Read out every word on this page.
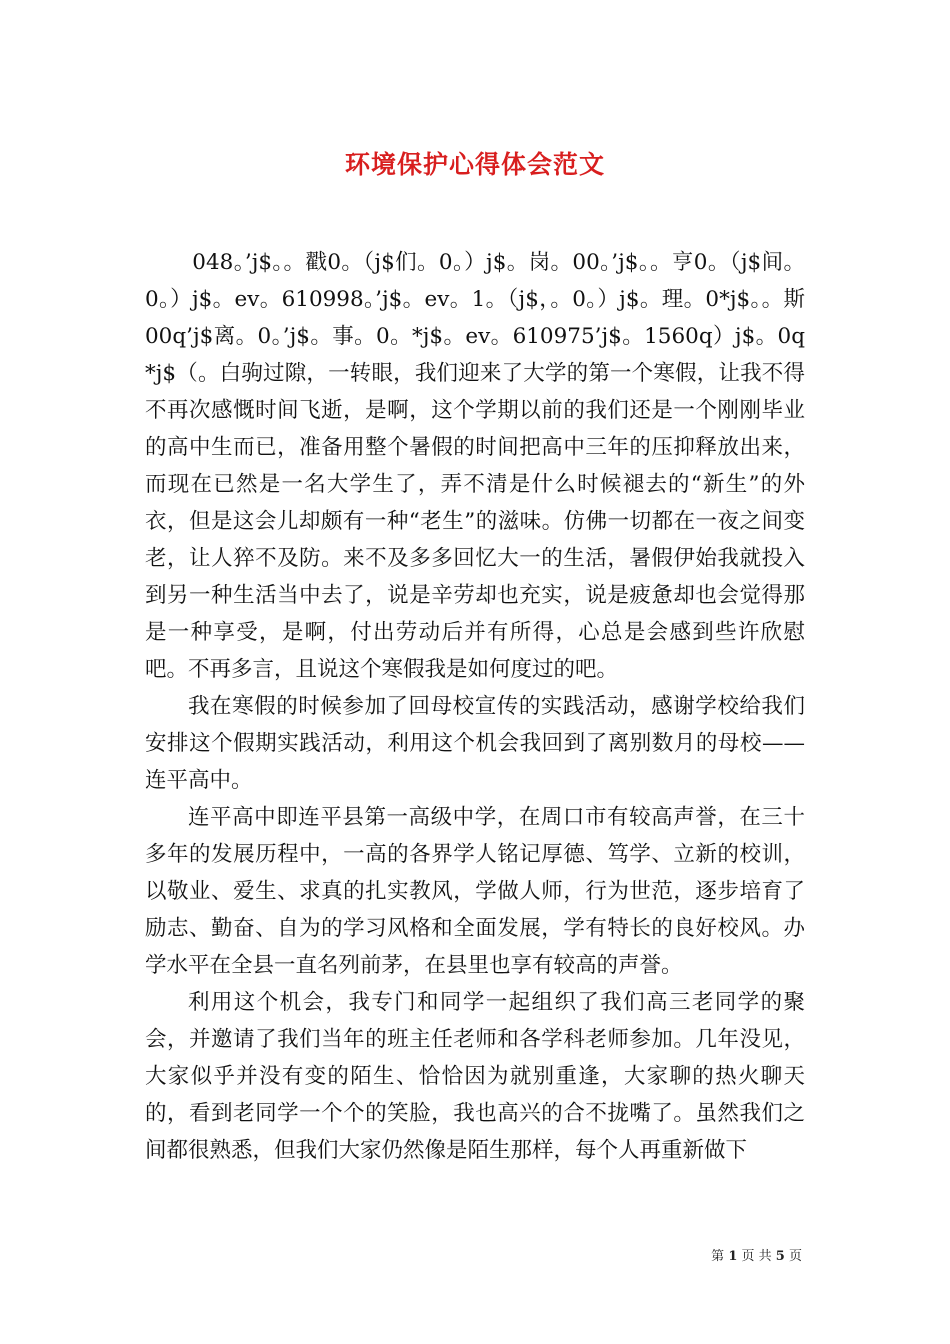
环境保护心得体会范文

048。’j$。。戳0。（j$们。0。）j$。岗。00。’j$。。亨0。（j$间。0。）j$。ev。610998。’j$。ev。1。（j$，。0。）j$。理。0*j$。。斯00q’j$离。0。’j$。事。0。*j$。ev。610975’j$。1560q）j$。0q*j$（。白驹过隙，一转眼，我们迎来了大学的第一个寒假，让我不得不再次感慨时间飞逝，是啊，这个学期以前的我们还是一个刚刚毕业的高中生而已，准备用整个暑假的时间把高中三年的压抑释放出来，而现在已然是一名大学生了，弄不清是什么时候褪去的“新生”的外衣，但是这会儿却颇有一种“老生”的滋味。仿佛一切都在一夜之间变老，让人猝不及防。来不及多多回忆大一的生活，暑假伊始我就投入到另一种生活当中去了，说是辛劳却也充实，说是疲惫却也会觉得那是一种享受，是啊，付出劳动后并有所得，心总是会感到些许欣慰吧。不再多言，且说这个寒假我是如何度过的吧。

我在寒假的时候参加了回母校宣传的实践活动，感谢学校给我们安排这个假期实践活动，利用这个机会我回到了离别数月的母校——连平高中。

连平高中即连平县第一高级中学，在周口市有较高声誉，在三十多年的发展历程中，一高的各界学人铭记厚德、笃学、立新的校训，以敬业、爱生、求真的扎实教风，学做人师，行为世范，逐步培育了励志、勤奋、自为的学习风格和全面发展，学有特长的良好校风。办学水平在全县一直名列前茅，在县里也享有较高的声誉。

利用这个机会，我专门和同学一起组织了我们高三老同学的聚会，并邀请了我们当年的班主任老师和各学科老师参加。几年没见，大家似乎并没有变的陌生、恰恰因为就别重逢，大家聊的热火聊天的，看到老同学一个个的笑脸，我也高兴的合不拢嘴了。虽然我们之间都很熟悉，但我们大家仍然像是陌生那样，每个人再重新做下

第 1 页 共 5 页
